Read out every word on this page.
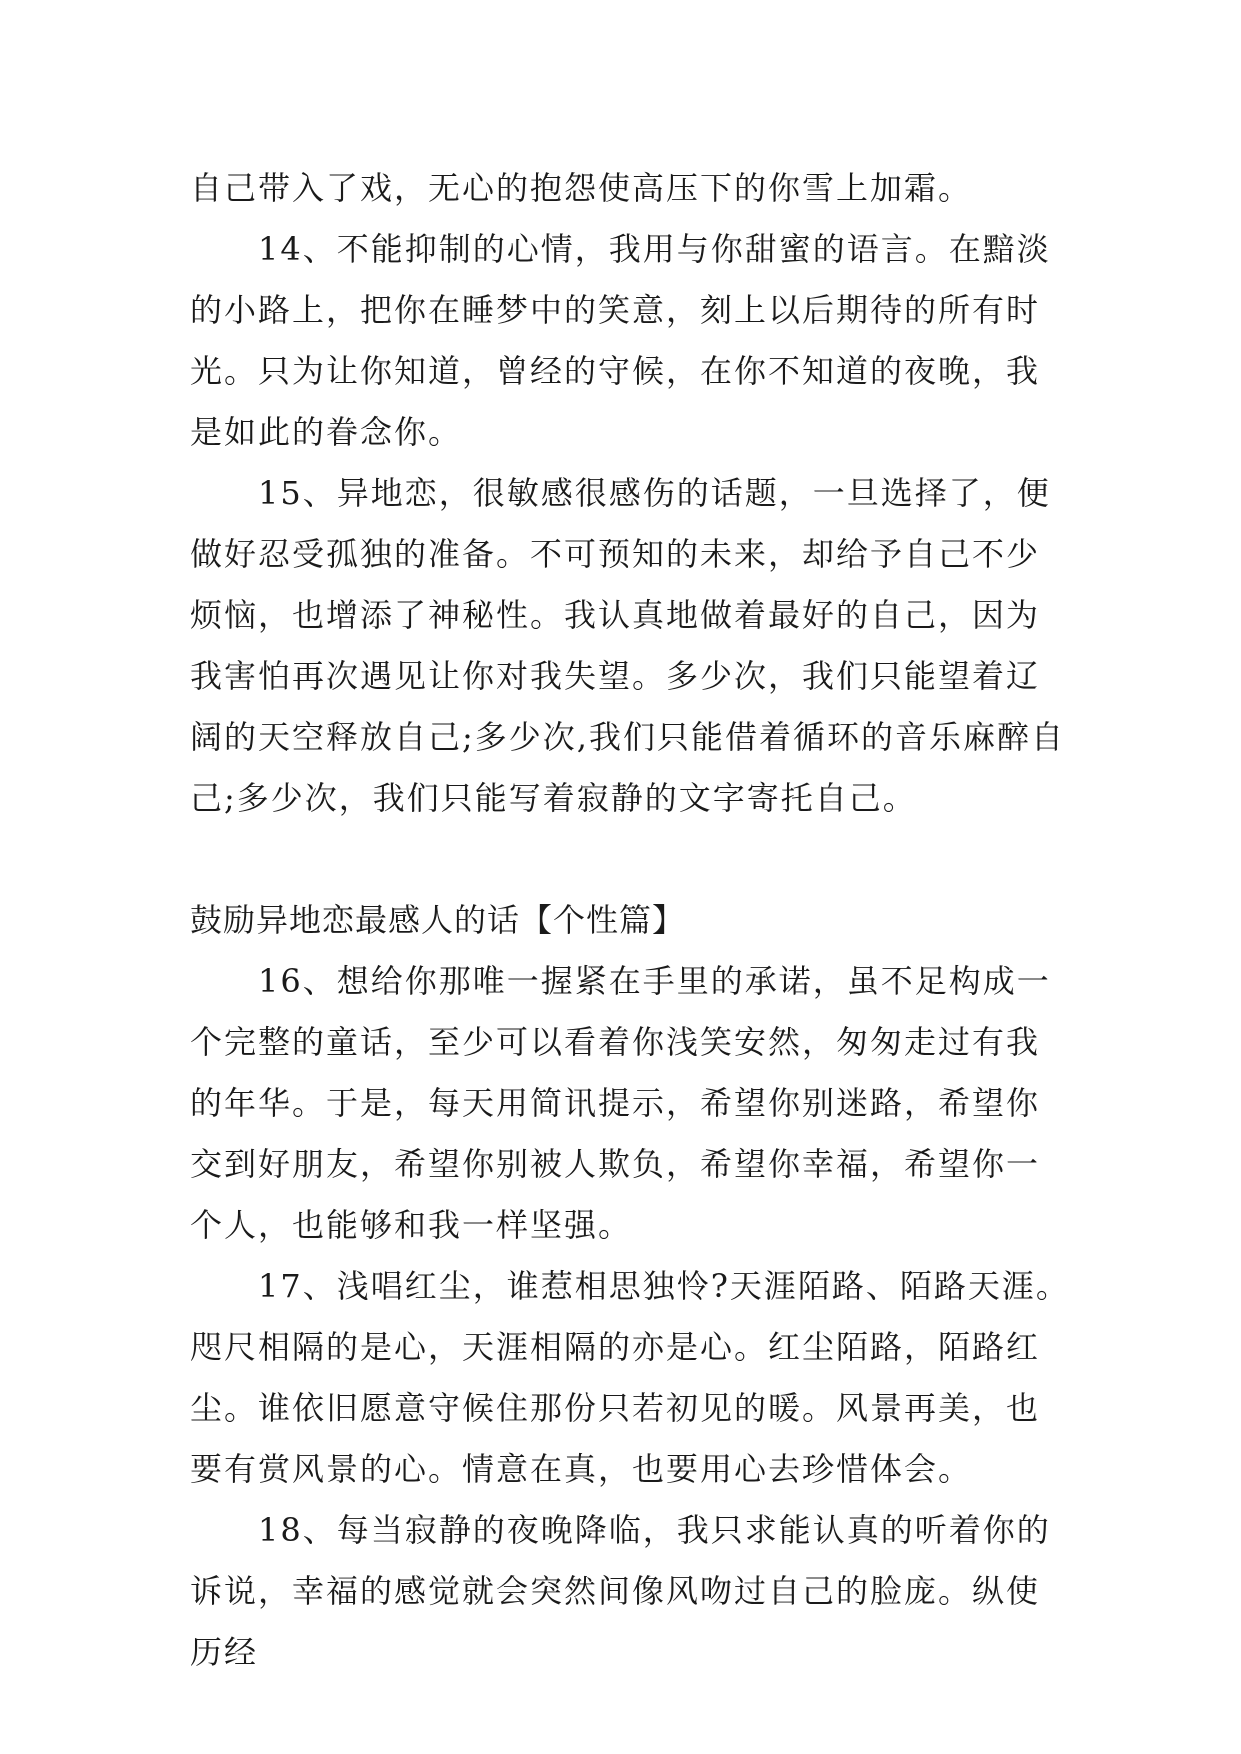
自己带入了戏，无心的抱怨使高压下的你雪上加霜。

14、不能抑制的心情，我用与你甜蜜的语言。在黯淡的小路上，把你在睡梦中的笑意，刻上以后期待的所有时光。只为让你知道，曾经的守候，在你不知道的夜晚，我是如此的眷念你。

15、异地恋，很敏感很感伤的话题，一旦选择了，便做好忍受孤独的准备。不可预知的未来，却给予自己不少烦恼，也增添了神秘性。我认真地做着最好的自己，因为我害怕再次遇见让你对我失望。多少次，我们只能望着辽阔的天空释放自己;多少次,我们只能借着循环的音乐麻醉自己;多少次，我们只能写着寂静的文字寄托自己。

鼓励异地恋最感人的话【个性篇】

16、想给你那唯一握紧在手里的承诺，虽不足构成一个完整的童话，至少可以看着你浅笑安然，匆匆走过有我的年华。于是，每天用简讯提示，希望你别迷路，希望你交到好朋友，希望你别被人欺负，希望你幸福，希望你一个人，也能够和我一样坚强。

17、浅唱红尘，谁惹相思独怜?天涯陌路、陌路天涯。咫尺相隔的是心，天涯相隔的亦是心。红尘陌路，陌路红尘。谁依旧愿意守候住那份只若初见的暖。风景再美，也要有赏风景的心。情意在真，也要用心去珍惜体会。

18、每当寂静的夜晚降临，我只求能认真的听着你的诉说，幸福的感觉就会突然间像风吻过自己的脸庞。纵使历经
